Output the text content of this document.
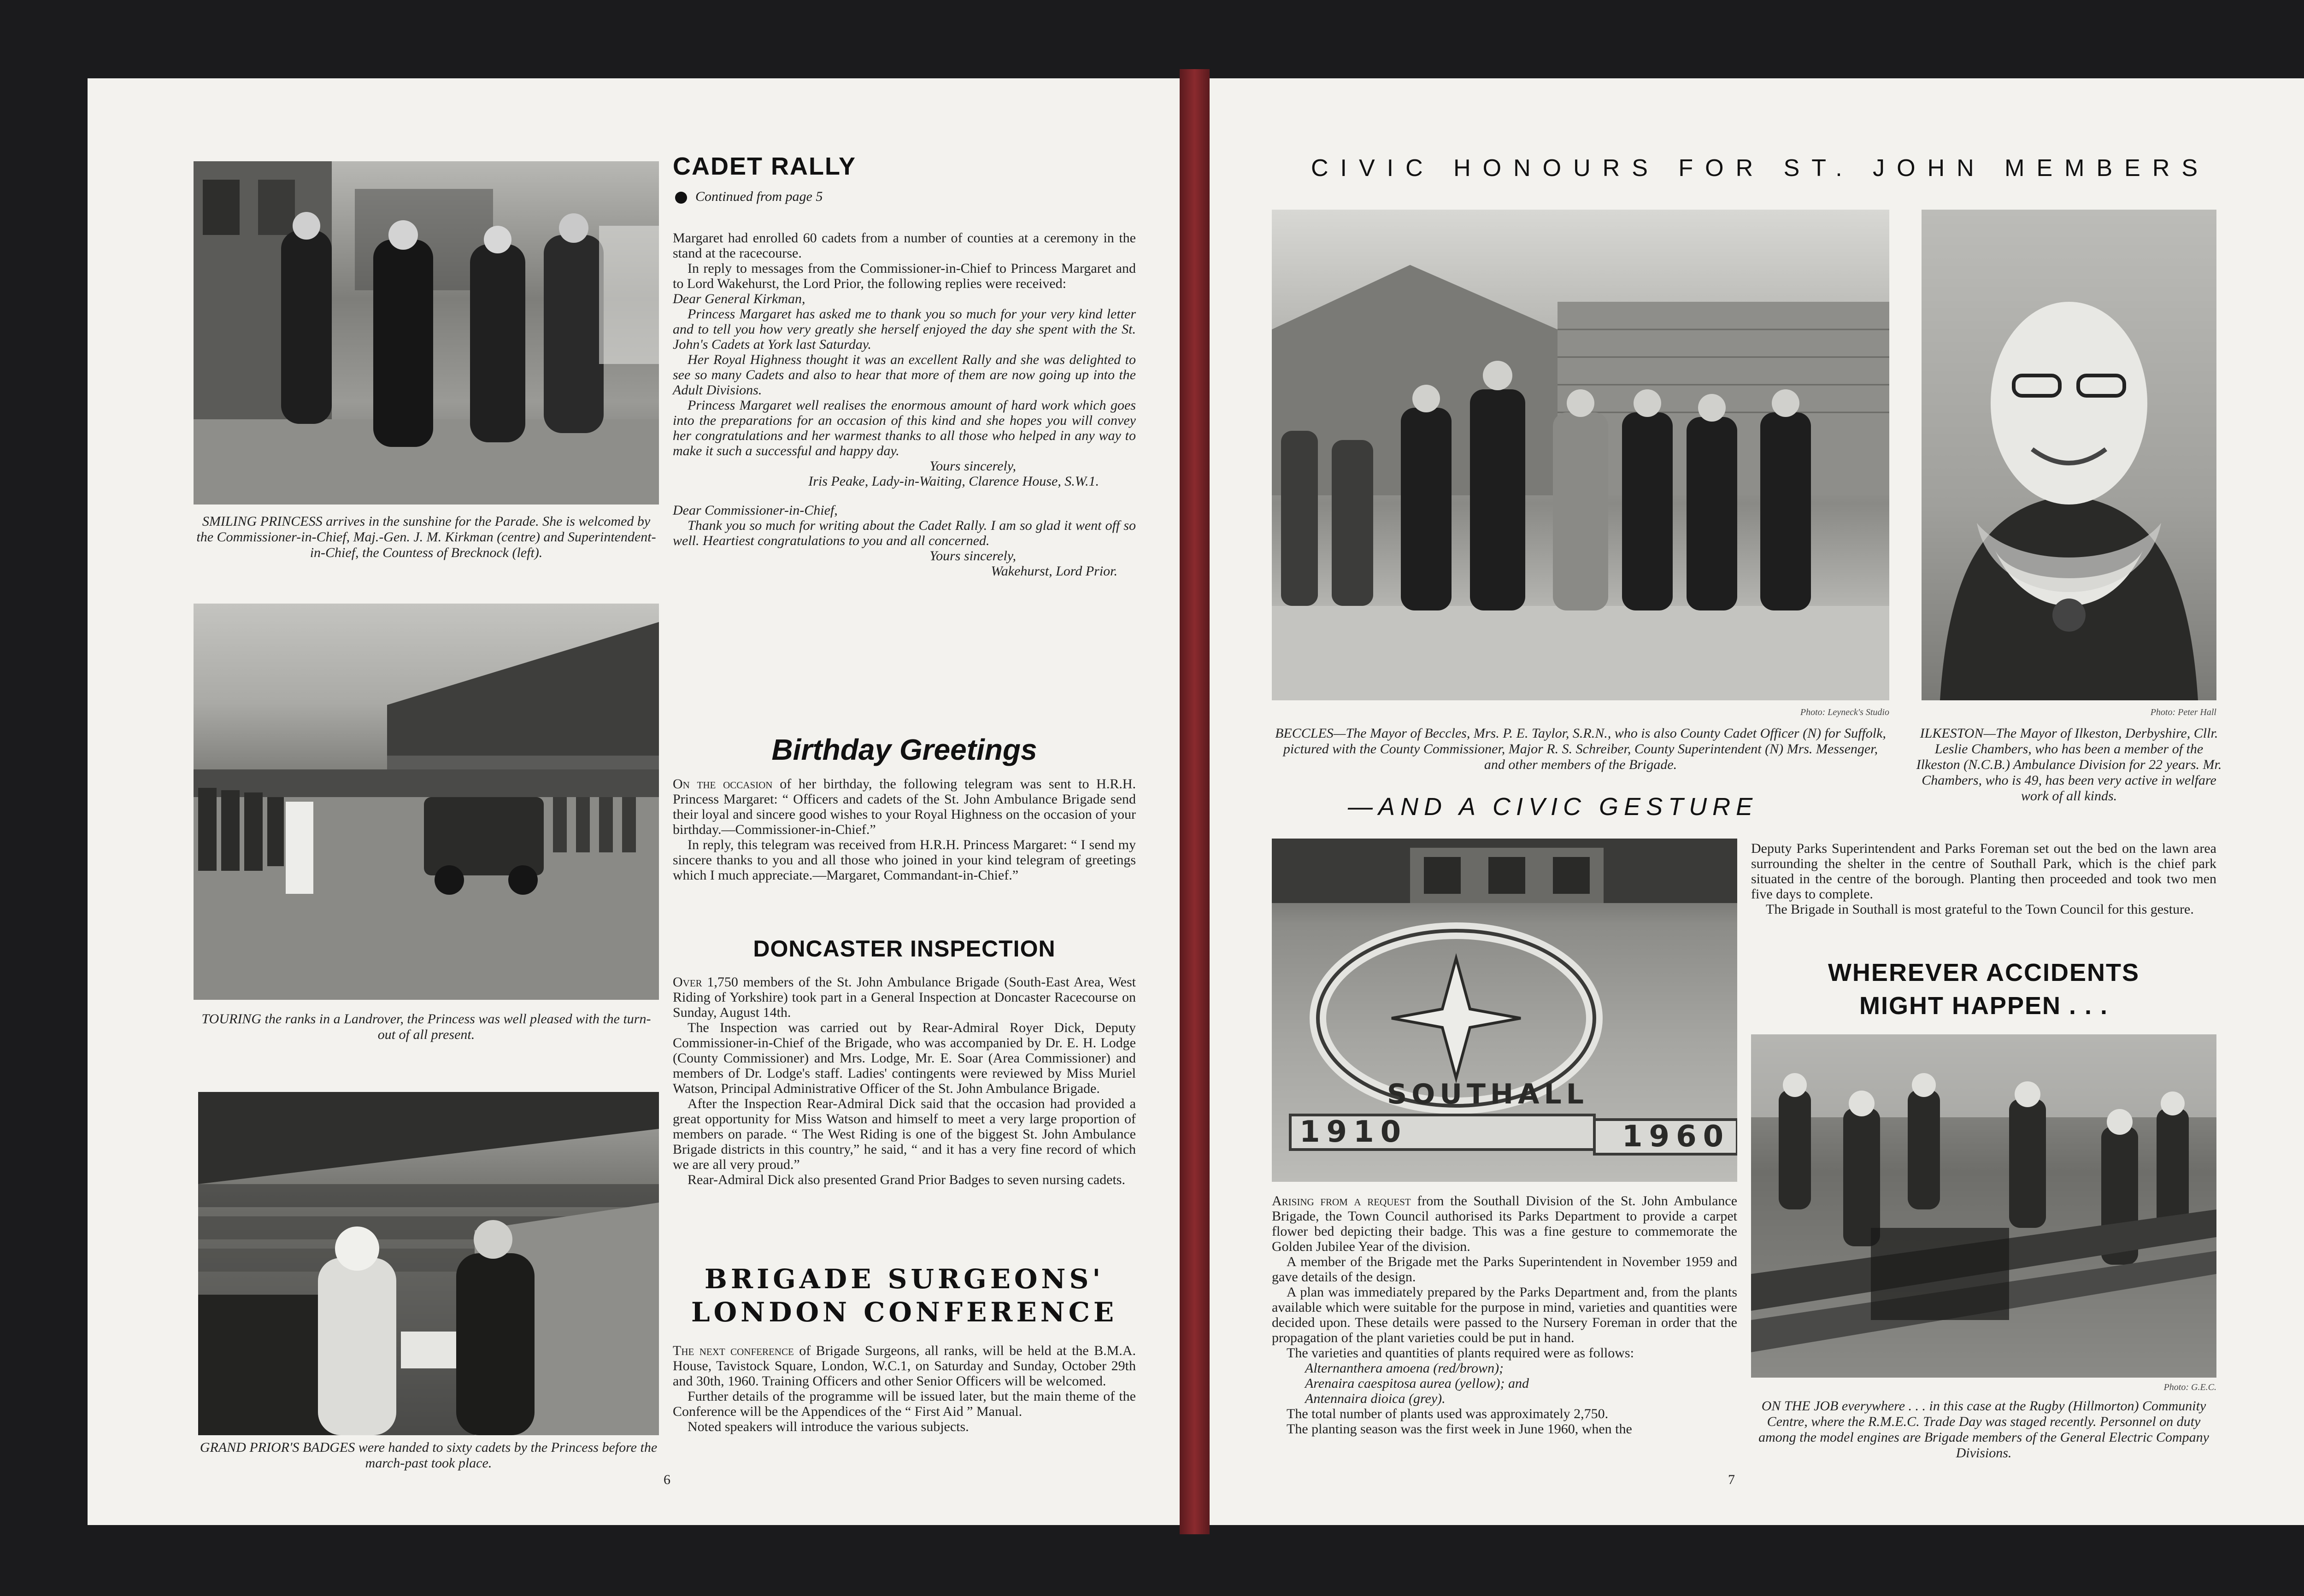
SMILING PRINCESS arrives in the sunshine for the Parade. She is welcomed by the Commissioner-in-Chief, Maj.-Gen. J. M. Kirkman (centre) and Superintendent-in-Chief, the Countess of Brecknock (left).
TOURING the ranks in a Landrover, the Princess was well pleased with the turn-out of all present.
GRAND PRIOR'S BADGES were handed to sixty cadets by the Princess before the march-past took place.
CADET RALLY
Continued from page 5

Margaret had enrolled 60 cadets from a number of counties at a ceremony in the stand at the racecourse.

In reply to messages from the Commissioner-in-Chief to Princess Margaret and to Lord Wakehurst, the Lord Prior, the following replies were received:

Dear General Kirkman,

Princess Margaret has asked me to thank you so much for your very kind letter and to tell you how very greatly she herself enjoyed the day she spent with the St. John's Cadets at York last Saturday.

Her Royal Highness thought it was an excellent Rally and she was delighted to see so many Cadets and also to hear that more of them are now going up into the Adult Divisions.

Princess Margaret well realises the enormous amount of hard work which goes into the preparations for an occasion of this kind and she hopes you will convey her congratulations and her warmest thanks to all those who helped in any way to make it such a successful and happy day.

Yours sincerely,

Iris Peake, Lady-in-Waiting, Clarence House, S.W.1.

Dear Commissioner-in-Chief,

Thank you so much for writing about the Cadet Rally. I am so glad it went off so well. Heartiest congratulations to you and all concerned.

Yours sincerely,

Wakehurst, Lord Prior.

Birthday Greetings

On the occasion of her birthday, the following telegram was sent to H.R.H. Princess Margaret: “ Officers and cadets of the St. John Ambulance Brigade send their loyal and sincere good wishes to your Royal Highness on the occasion of your birthday.—Commissioner-in-Chief.”

In reply, this telegram was received from H.R.H. Princess Margaret: “ I send my sincere thanks to you and all those who joined in your kind telegram of greetings which I much appreciate.—Margaret, Commandant-in-Chief.”

DONCASTER INSPECTION

Over 1,750 members of the St. John Ambulance Brigade (South-East Area, West Riding of Yorkshire) took part in a General Inspection at Doncaster Racecourse on Sunday, August 14th.

The Inspection was carried out by Rear-Admiral Royer Dick, Deputy Commissioner-in-Chief of the Brigade, who was accompanied by Dr. E. H. Lodge (County Commissioner) and Mrs. Lodge, Mr. E. Soar (Area Commissioner) and members of Dr. Lodge's staff. Ladies' contingents were reviewed by Miss Muriel Watson, Principal Administrative Officer of the St. John Ambulance Brigade.

After the Inspection Rear-Admiral Dick said that the occasion had provided a great opportunity for Miss Watson and himself to meet a very large proportion of members on parade. “ The West Riding is one of the biggest St. John Ambulance Brigade districts in this country,” he said, “ and it has a very fine record of which we are all very proud.”

Rear-Admiral Dick also presented Grand Prior Badges to seven nursing cadets.

BRIGADE SURGEONS'
LONDON CONFERENCE

The next conference of Brigade Surgeons, all ranks, will be held at the B.M.A. House, Tavistock Square, London, W.C.1, on Saturday and Sunday, October 29th and 30th, 1960. Training Officers and other Senior Officers will be welcomed.

Further details of the programme will be issued later, but the main theme of the Conference will be the Appendices of the “ First Aid ” Manual.

Noted speakers will introduce the various subjects.

6
CIVIC HONOURS FOR ST. JOHN MEMBERS
Photo: Leyneck's Studio
BECCLES—The Mayor of Beccles, Mrs. P. E. Taylor, S.R.N., who is also County Cadet Officer (N) for Suffolk, pictured with the County Commissioner, Major R. S. Schreiber, County Superintendent (N) Mrs. Messenger, and other members of the Brigade.
Photo: Peter Hall
ILKESTON—The Mayor of Ilkeston, Derbyshire, Cllr. Leslie Chambers, who has been a member of the Ilkeston (N.C.B.) Ambulance Division for 22 years. Mr. Chambers, who is 49, has been very active in welfare work of all kinds.
—AND A CIVIC GESTURE
SOUTHALL
1910	1960

Arising from a request from the Southall Division of the St. John Ambulance Brigade, the Town Council authorised its Parks Department to provide a carpet flower bed depicting their badge. This was a fine gesture to commemorate the Golden Jubilee Year of the division.

A member of the Brigade met the Parks Superintendent in November 1959 and gave details of the design.

A plan was immediately prepared by the Parks Department and, from the plants available which were suitable for the purpose in mind, varieties and quantities were decided upon. These details were passed to the Nursery Foreman in order that the propagation of the plant varieties could be put in hand.

The varieties and quantities of plants required were as follows:

Alternanthera amoena (red/brown);

Arenaira caespitosa aurea (yellow); and

Antennaira dioica (grey).

The total number of plants used was approximately 2,750.

The planting season was the first week in June 1960, when the

Deputy Parks Superintendent and Parks Foreman set out the bed on the lawn area surrounding the shelter in the centre of Southall Park, which is the chief park situated in the centre of the borough. Planting then proceeded and took two men five days to complete.

The Brigade in Southall is most grateful to the Town Council for this gesture.

WHEREVER ACCIDENTS
MIGHT HAPPEN . . .
Photo: G.E.C.
ON THE JOB everywhere . . . in this case at the Rugby (Hillmorton) Community Centre, where the R.M.E.C. Trade Day was staged recently. Personnel on duty among the model engines are Brigade members of the General Electric Company Divisions.
7
